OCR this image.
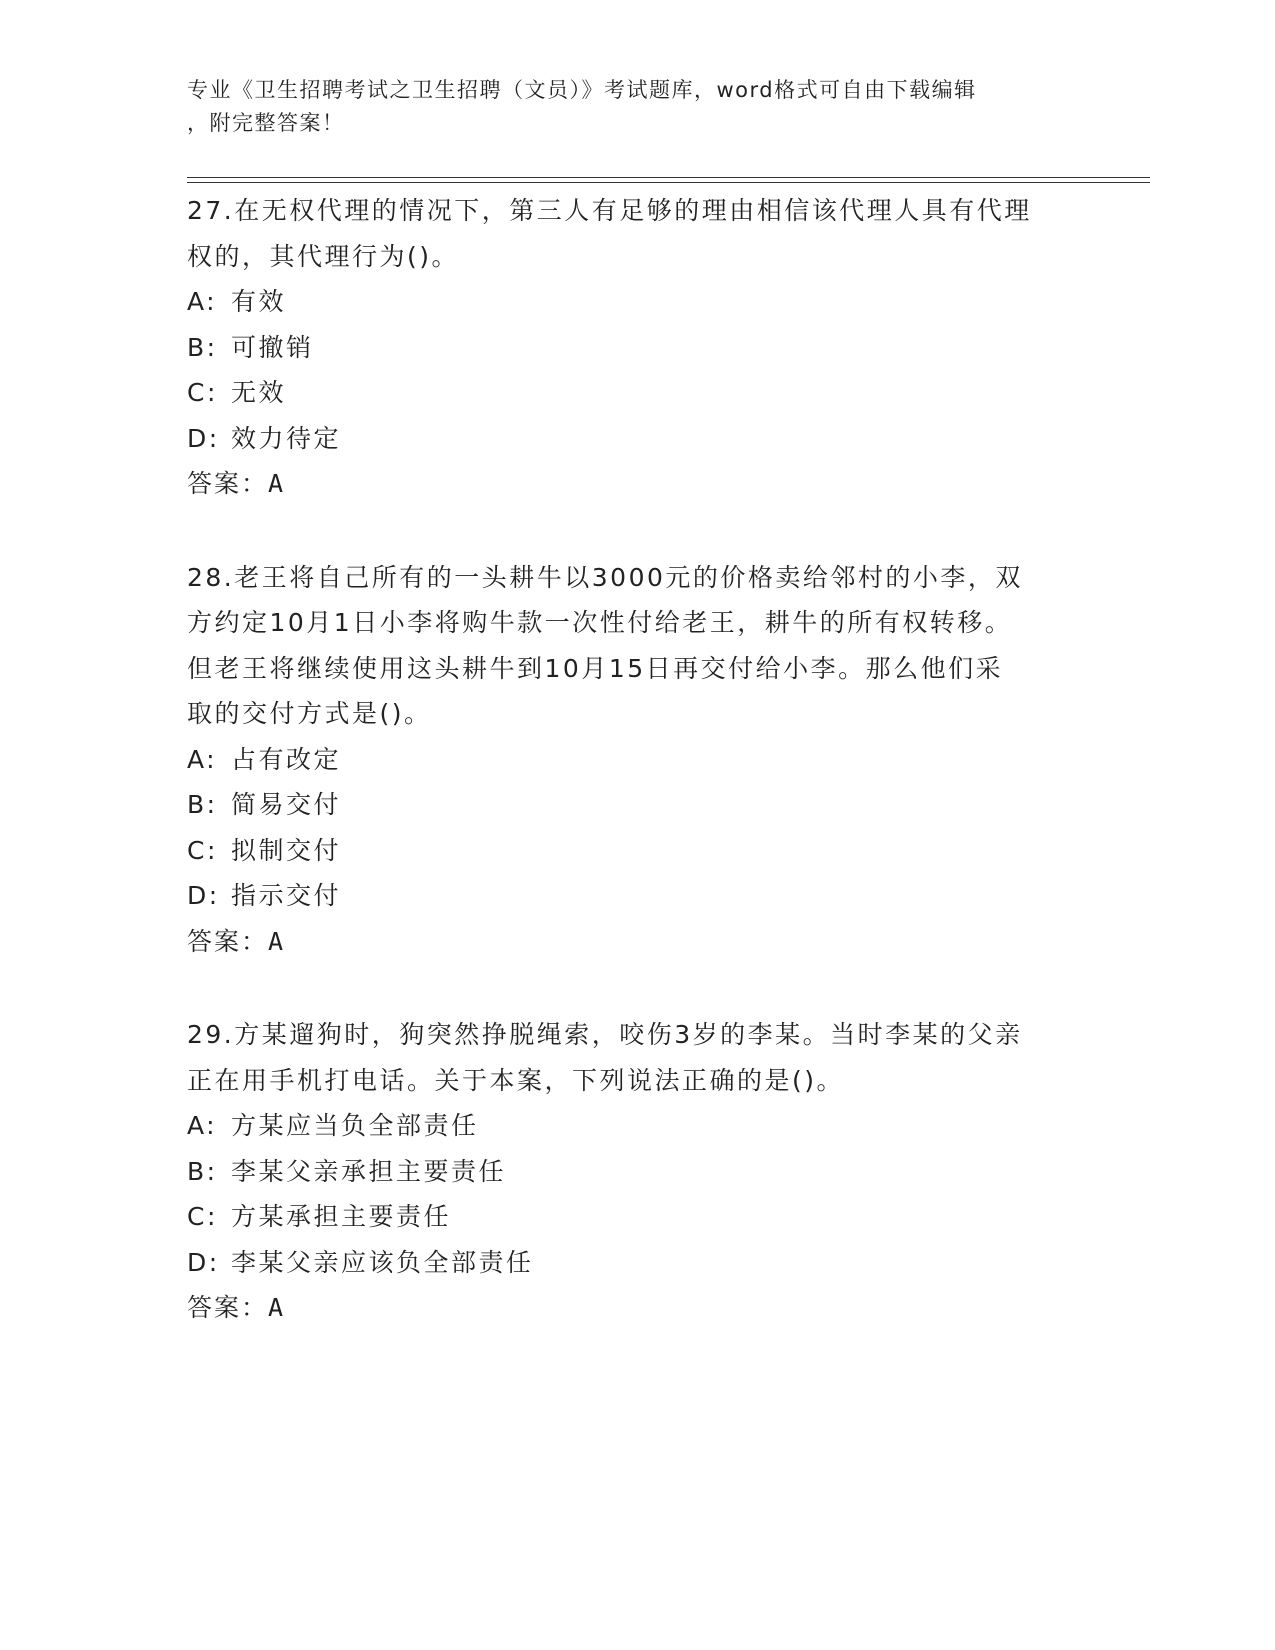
专业《卫生招聘考试之卫生招聘（文员）》考试题库，word格式可自由下载编辑
，附完整答案！
27.在无权代理的情况下，第三人有足够的理由相信该代理人具有代理
权的，其代理行为()。
A: 有效
B: 可撤销
C: 无效
D: 效力待定
答案：A
28.老王将自己所有的一头耕牛以3000元的价格卖给邻村的小李，双
方约定10月1日小李将购牛款一次性付给老王，耕牛的所有权转移。
但老王将继续使用这头耕牛到10月15日再交付给小李。那么他们采
取的交付方式是()。
A: 占有改定
B: 简易交付
C: 拟制交付
D: 指示交付
答案：A
29.方某遛狗时，狗突然挣脱绳索，咬伤3岁的李某。当时李某的父亲
正在用手机打电话。关于本案，下列说法正确的是()。
A: 方某应当负全部责任
B: 李某父亲承担主要责任
C: 方某承担主要责任
D: 李某父亲应该负全部责任
答案：A
